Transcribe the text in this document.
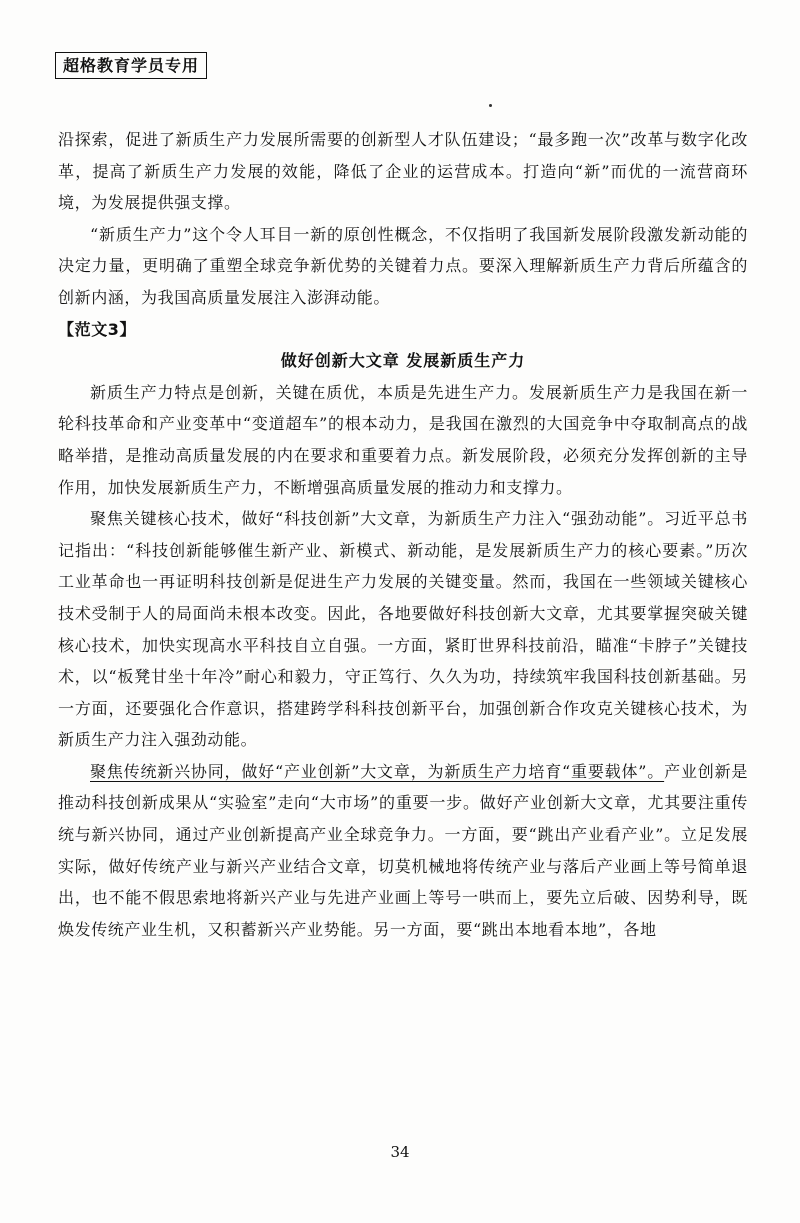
超格教育学员专用

沿探索，促进了新质生产力发展所需要的创新型人才队伍建设；“最多跑一次”改革与数字化改革，提高了新质生产力发展的效能，降低了企业的运营成本。打造向“新”而优的一流营商环境，为发展提供强支撑。

“新质生产力”这个令人耳目一新的原创性概念，不仅指明了我国新发展阶段激发新动能的决定力量，更明确了重塑全球竞争新优势的关键着力点。要深入理解新质生产力背后所蕴含的创新内涵，为我国高质量发展注入澎湃动能。

【范文3】

做好创新大文章 发展新质生产力

新质生产力特点是创新，关键在质优，本质是先进生产力。发展新质生产力是我国在新一轮科技革命和产业变革中“变道超车”的根本动力，是我国在激烈的大国竞争中夺取制高点的战略举措，是推动高质量发展的内在要求和重要着力点。新发展阶段，必须充分发挥创新的主导作用，加快发展新质生产力，不断增强高质量发展的推动力和支撑力。

聚焦关键核心技术，做好“科技创新”大文章，为新质生产力注入“强劲动能”。习近平总书记指出：“科技创新能够催生新产业、新模式、新动能，是发展新质生产力的核心要素。”历次工业革命也一再证明科技创新是促进生产力发展的关键变量。然而，我国在一些领域关键核心技术受制于人的局面尚未根本改变。因此，各地要做好科技创新大文章，尤其要掌握突破关键核心技术，加快实现高水平科技自立自强。一方面，紧盯世界科技前沿，瞄准“卡脖子”关键技术，以“板凳甘坐十年冷”耐心和毅力，守正笃行、久久为功，持续筑牢我国科技创新基础。另一方面，还要强化合作意识，搭建跨学科科技创新平台，加强创新合作攻克关键核心技术，为新质生产力注入强劲动能。

聚焦传统新兴协同，做好“产业创新”大文章，为新质生产力培育“重要载体”。产业创新是推动科技创新成果从“实验室”走向“大市场”的重要一步。做好产业创新大文章，尤其要注重传统与新兴协同，通过产业创新提高产业全球竞争力。一方面，要“跳出产业看产业”。立足发展实际，做好传统产业与新兴产业结合文章，切莫机械地将传统产业与落后产业画上等号简单退出，也不能不假思索地将新兴产业与先进产业画上等号一哄而上，要先立后破、因势利导，既焕发传统产业生机，又积蓄新兴产业势能。另一方面，要“跳出本地看本地”，各地

34
